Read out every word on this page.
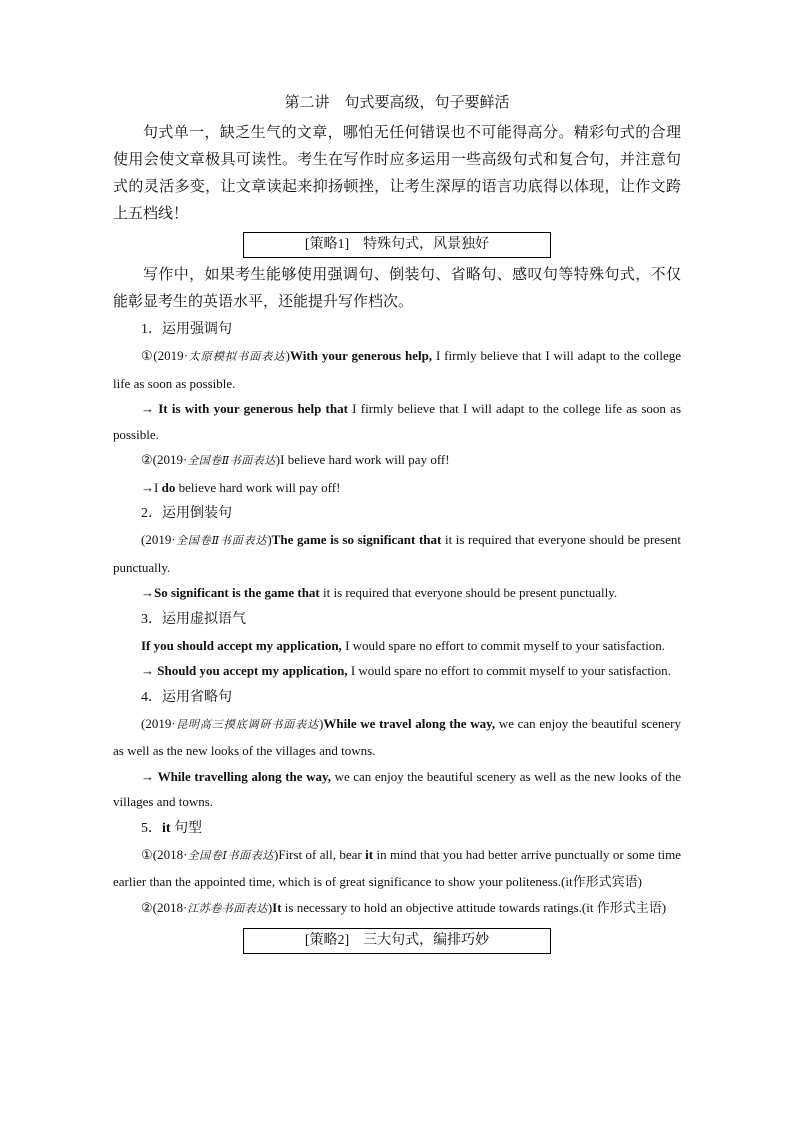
第二讲　句式要高级，句子要鲜活

句式单一，缺乏生气的文章，哪怕无任何错误也不可能得高分。精彩句式的合理使用会使文章极具可读性。考生在写作时应多运用一些高级句式和复合句，并注意句式的灵活多变，让文章读起来抑扬顿挫，让考生深厚的语言功底得以体现，让作文跨上五档线！

[策略1] 特殊句式，风景独好

写作中，如果考生能够使用强调句、倒装句、省略句、感叹句等特殊句式，不仅能彰显考生的英语水平，还能提升写作档次。

1．运用强调句

①(2019·太原模拟书面表达)With your generous help, I firmly believe that I will adapt to the college life as soon as possible.

→ It is with your generous help that I firmly believe that I will adapt to the college life as soon as possible.

②(2019·全国卷Ⅱ书面表达)I believe hard work will pay off!

→I do believe hard work will pay off!

2．运用倒装句

(2019·全国卷Ⅱ书面表达)The game is so significant that it is required that everyone should be present punctually.

→So significant is the game that it is required that everyone should be present punctually.

3．运用虚拟语气

If you should accept my application, I would spare no effort to commit myself to your satisfaction.

→ Should you accept my application, I would spare no effort to commit myself to your satisfaction.

4．运用省略句

(2019·昆明高三摸底调研书面表达)While we travel along the way, we can enjoy the beautiful scenery as well as the new looks of the villages and towns.

→ While travelling along the way, we can enjoy the beautiful scenery as well as the new looks of the villages and towns.

5．it 句型

①(2018·全国卷Ⅰ书面表达)First of all, bear it in mind that you had better arrive punctually or some time earlier than the appointed time, which is of great significance to show your politeness.(it作形式宾语)

②(2018·江苏卷书面表达)It is necessary to hold an objective attitude towards ratings.(it 作形式主语)

[策略2] 三大句式，编排巧妙
